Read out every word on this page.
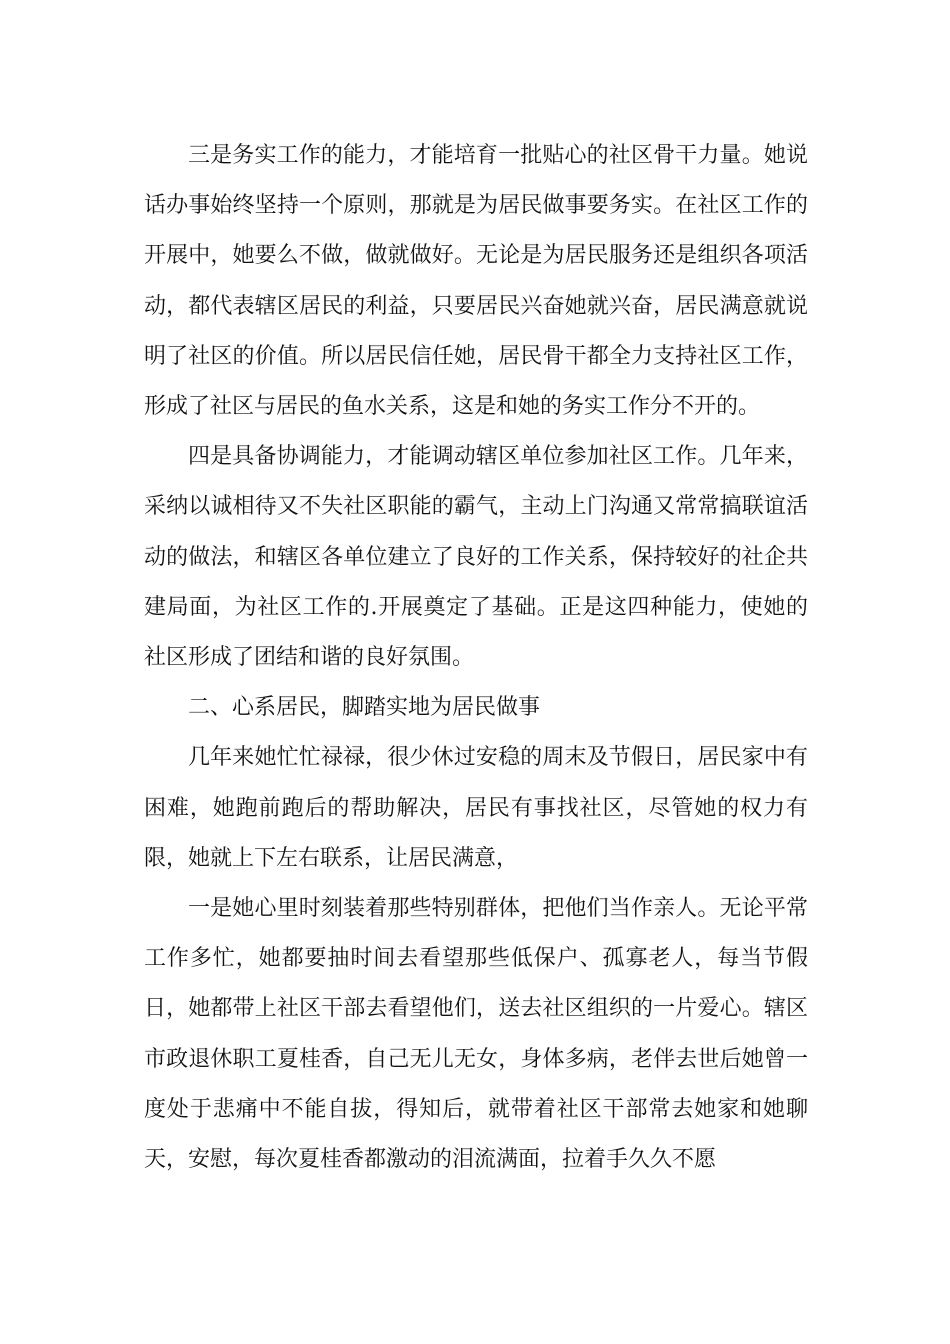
三是务实工作的能力，才能培育一批贴心的社区骨干力量。她说话办事始终坚持一个原则，那就是为居民做事要务实。在社区工作的开展中，她要么不做，做就做好。无论是为居民服务还是组织各项活动，都代表辖区居民的利益，只要居民兴奋她就兴奋，居民满意就说明了社区的价值。所以居民信任她，居民骨干都全力支持社区工作，形成了社区与居民的鱼水关系，这是和她的务实工作分不开的。

四是具备协调能力，才能调动辖区单位参加社区工作。几年来，采纳以诚相待又不失社区职能的霸气，主动上门沟通又常常搞联谊活动的做法，和辖区各单位建立了良好的工作关系，保持较好的社企共建局面，为社区工作的.开展奠定了基础。正是这四种能力，使她的社区形成了团结和谐的良好氛围。

二、心系居民，脚踏实地为居民做事

几年来她忙忙禄禄，很少休过安稳的周末及节假日，居民家中有困难，她跑前跑后的帮助解决，居民有事找社区，尽管她的权力有限，她就上下左右联系，让居民满意，

一是她心里时刻装着那些特别群体，把他们当作亲人。无论平常工作多忙，她都要抽时间去看望那些低保户、孤寡老人，每当节假日，她都带上社区干部去看望他们，送去社区组织的一片爱心。辖区市政退休职工夏桂香，自己无儿无女，身体多病，老伴去世后她曾一度处于悲痛中不能自拔，得知后，就带着社区干部常去她家和她聊天，安慰，每次夏桂香都激动的泪流满面，拉着手久久不愿
